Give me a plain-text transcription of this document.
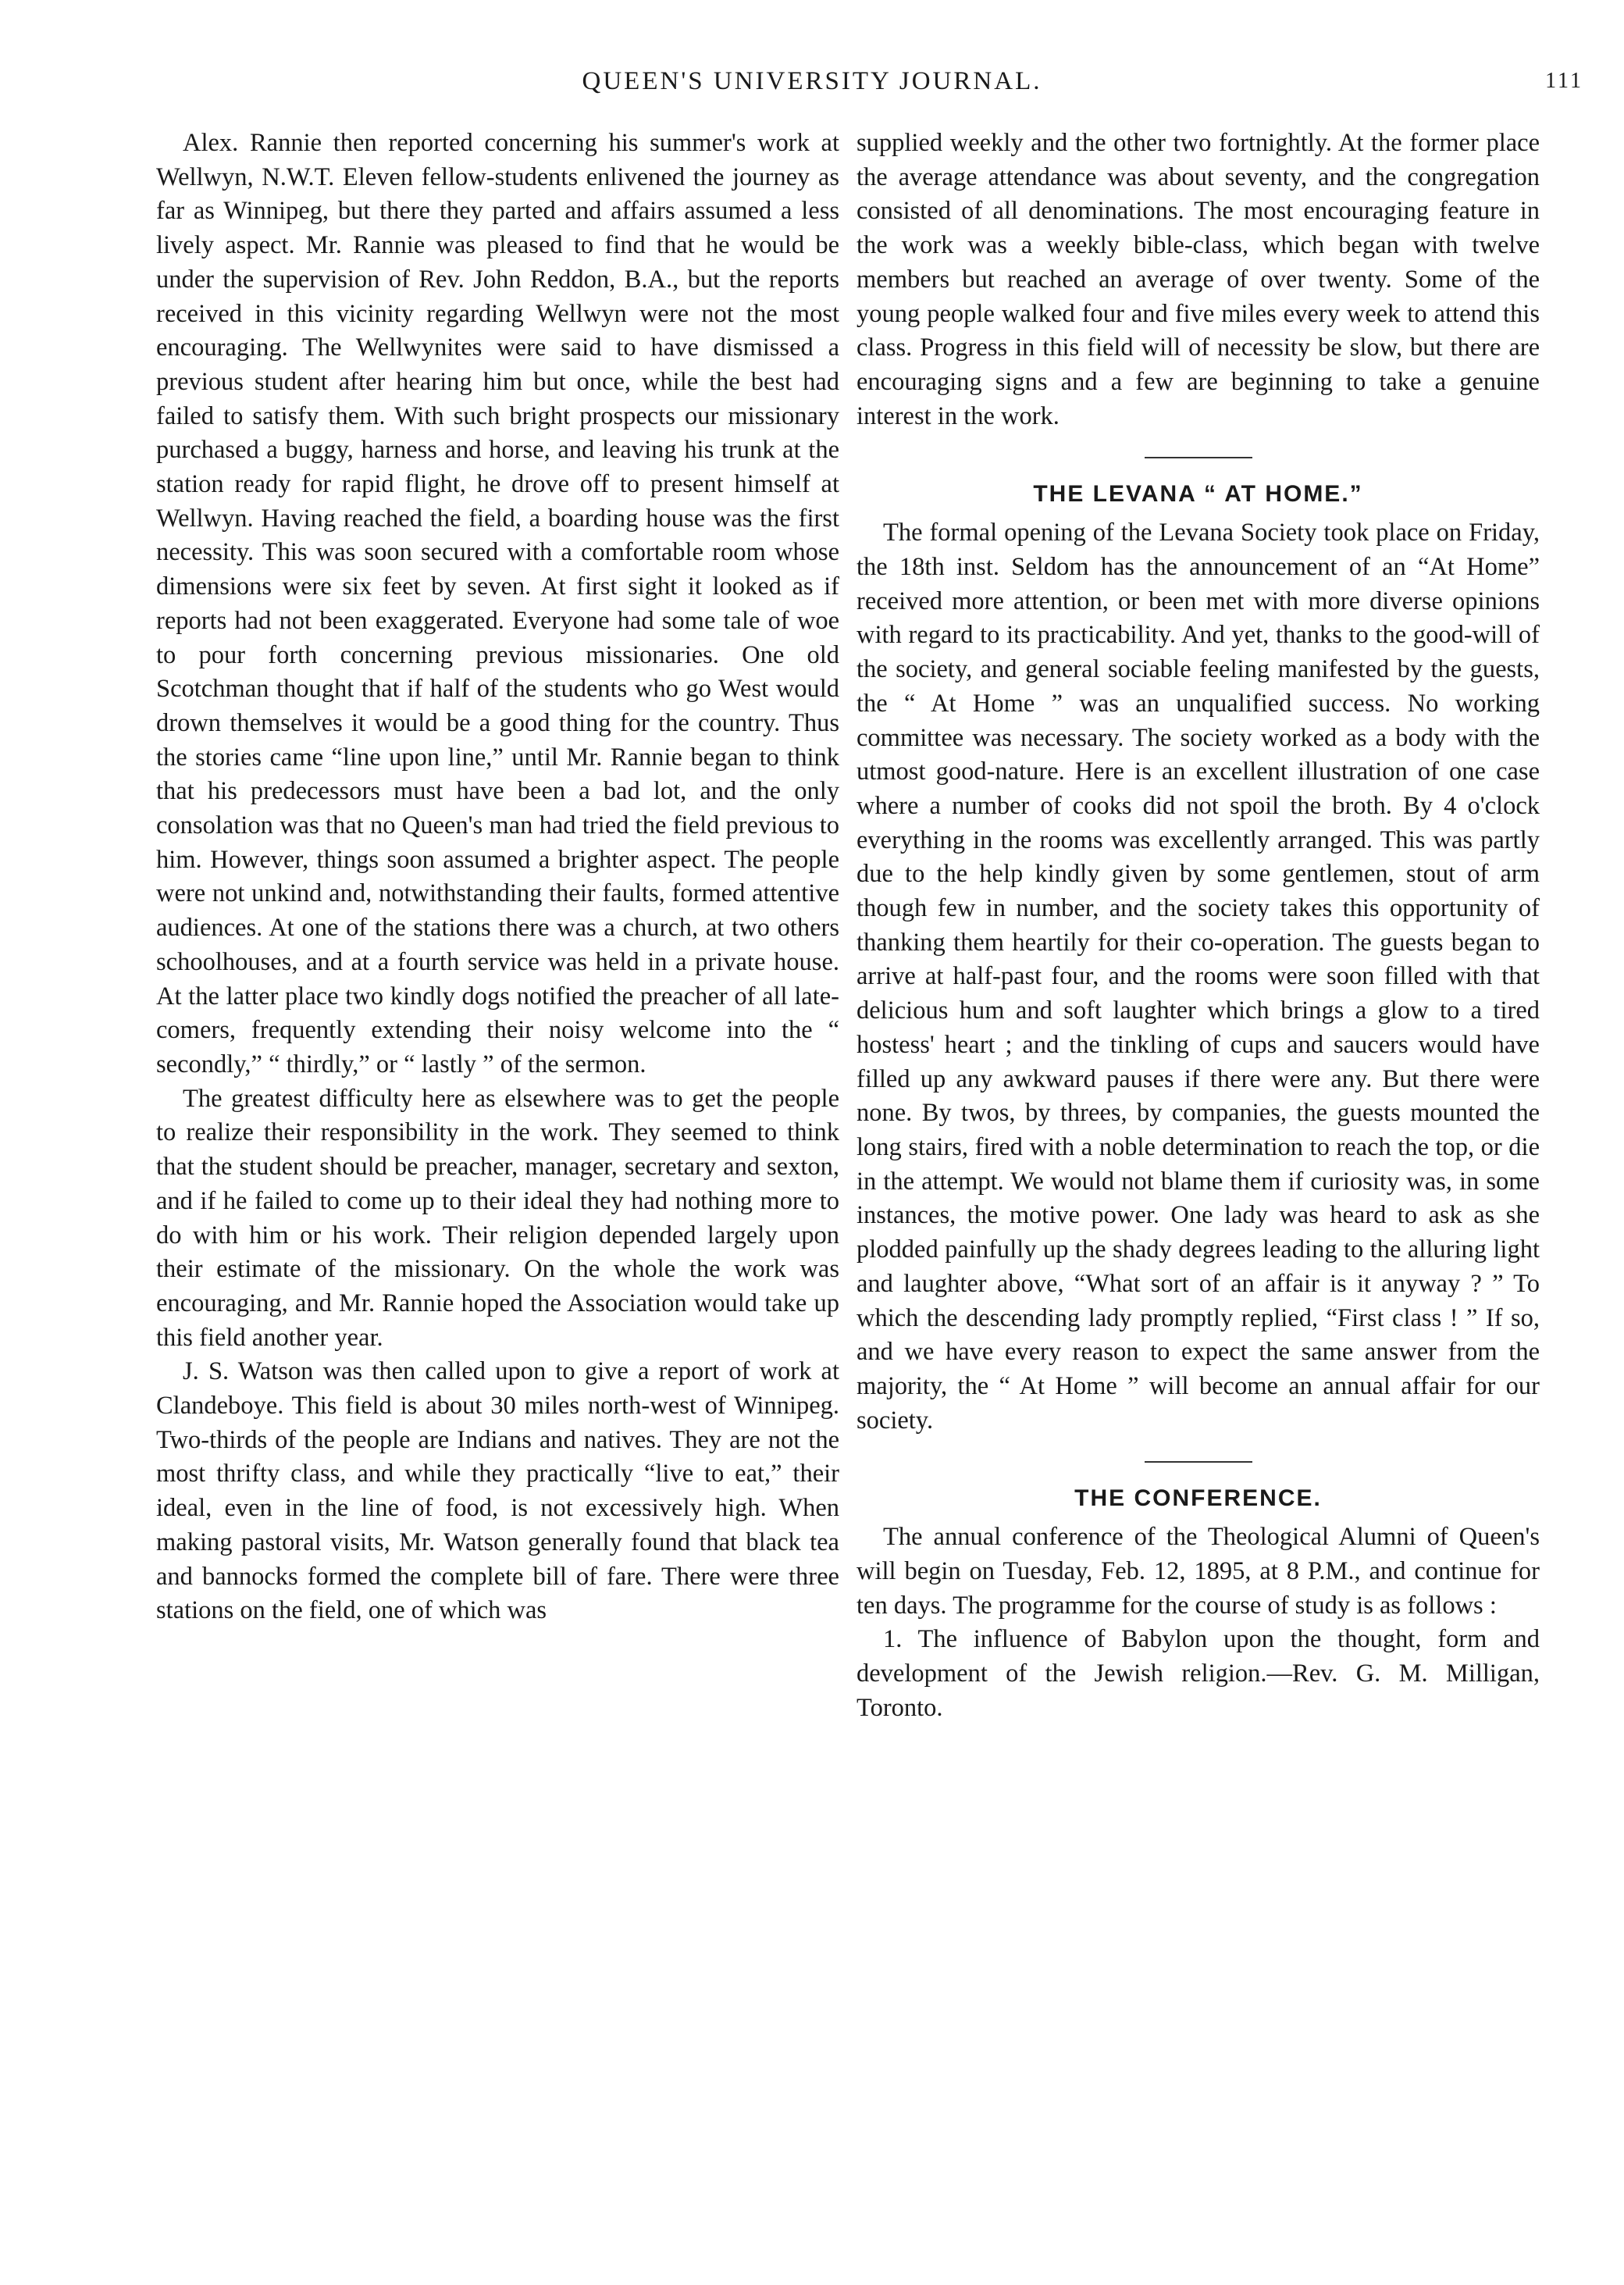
QUEEN'S UNIVERSITY JOURNAL.	111

Alex. Rannie then reported concerning his summer's work at Wellwyn, N.W.T. Eleven fellow-students enlivened the journey as far as Winnipeg, but there they parted and affairs assumed a less lively aspect. Mr. Rannie was pleased to find that he would be under the supervision of Rev. John Reddon, B.A., but the reports received in this vicinity regarding Wellwyn were not the most encouraging. The Wellwynites were said to have dismissed a previous student after hearing him but once, while the best had failed to satisfy them. With such bright prospects our missionary purchased a buggy, harness and horse, and leaving his trunk at the station ready for rapid flight, he drove off to present himself at Wellwyn. Having reached the field, a boarding house was the first necessity. This was soon secured with a comfortable room whose dimensions were six feet by seven. At first sight it looked as if reports had not been exaggerated. Everyone had some tale of woe to pour forth concerning previous missionaries. One old Scotchman thought that if half of the students who go West would drown themselves it would be a good thing for the country. Thus the stories came “line upon line,” until Mr. Rannie began to think that his predecessors must have been a bad lot, and the only consolation was that no Queen's man had tried the field previous to him. However, things soon assumed a brighter aspect. The people were not unkind and, notwithstanding their faults, formed attentive audiences. At one of the stations there was a church, at two others schoolhouses, and at a fourth service was held in a private house. At the latter place two kindly dogs notified the preacher of all late-comers, frequently extending their noisy welcome into the “ secondly,” “ thirdly,” or “ lastly ” of the sermon.

The greatest difficulty here as elsewhere was to get the people to realize their responsibility in the work. They seemed to think that the student should be preacher, manager, secretary and sexton, and if he failed to come up to their ideal they had nothing more to do with him or his work. Their religion depended largely upon their estimate of the missionary. On the whole the work was encouraging, and Mr. Rannie hoped the Association would take up this field another year.

J. S. Watson was then called upon to give a report of work at Clandeboye. This field is about 30 miles north-west of Winnipeg. Two-thirds of the people are Indians and natives. They are not the most thrifty class, and while they practically “live to eat,” their ideal, even in the line of food, is not excessively high. When making pastoral visits, Mr. Watson generally found that black tea and bannocks formed the complete bill of fare. There were three stations on the field, one of which was

supplied weekly and the other two fortnightly. At the former place the average attendance was about seventy, and the congregation consisted of all denominations. The most encouraging feature in the work was a weekly bible-class, which began with twelve members but reached an average of over twenty. Some of the young people walked four and five miles every week to attend this class. Progress in this field will of necessity be slow, but there are encouraging signs and a few are beginning to take a genuine interest in the work.

THE LEVANA “ AT HOME.”

The formal opening of the Levana Society took place on Friday, the 18th inst. Seldom has the announcement of an “At Home” received more attention, or been met with more diverse opinions with regard to its practicability. And yet, thanks to the good-will of the society, and general sociable feeling manifested by the guests, the “ At Home ” was an unqualified success. No working committee was necessary. The society worked as a body with the utmost good-nature. Here is an excellent illustration of one case where a number of cooks did not spoil the broth. By 4 o'clock everything in the rooms was excellently arranged. This was partly due to the help kindly given by some gentlemen, stout of arm though few in number, and the society takes this opportunity of thanking them heartily for their co-operation. The guests began to arrive at half-past four, and the rooms were soon filled with that delicious hum and soft laughter which brings a glow to a tired hostess' heart ; and the tinkling of cups and saucers would have filled up any awkward pauses if there were any. But there were none. By twos, by threes, by companies, the guests mounted the long stairs, fired with a noble determination to reach the top, or die in the attempt. We would not blame them if curiosity was, in some instances, the motive power. One lady was heard to ask as she plodded painfully up the shady degrees leading to the alluring light and laughter above, “What sort of an affair is it anyway ? ” To which the descending lady promptly replied, “First class ! ” If so, and we have every reason to expect the same answer from the majority, the “ At Home ” will become an annual affair for our society.

THE CONFERENCE.

The annual conference of the Theological Alumni of Queen's will begin on Tuesday, Feb. 12, 1895, at 8 P.M., and continue for ten days. The programme for the course of study is as follows :

1. The influence of Babylon upon the thought, form and development of the Jewish religion.—Rev. G. M. Milligan, Toronto.
